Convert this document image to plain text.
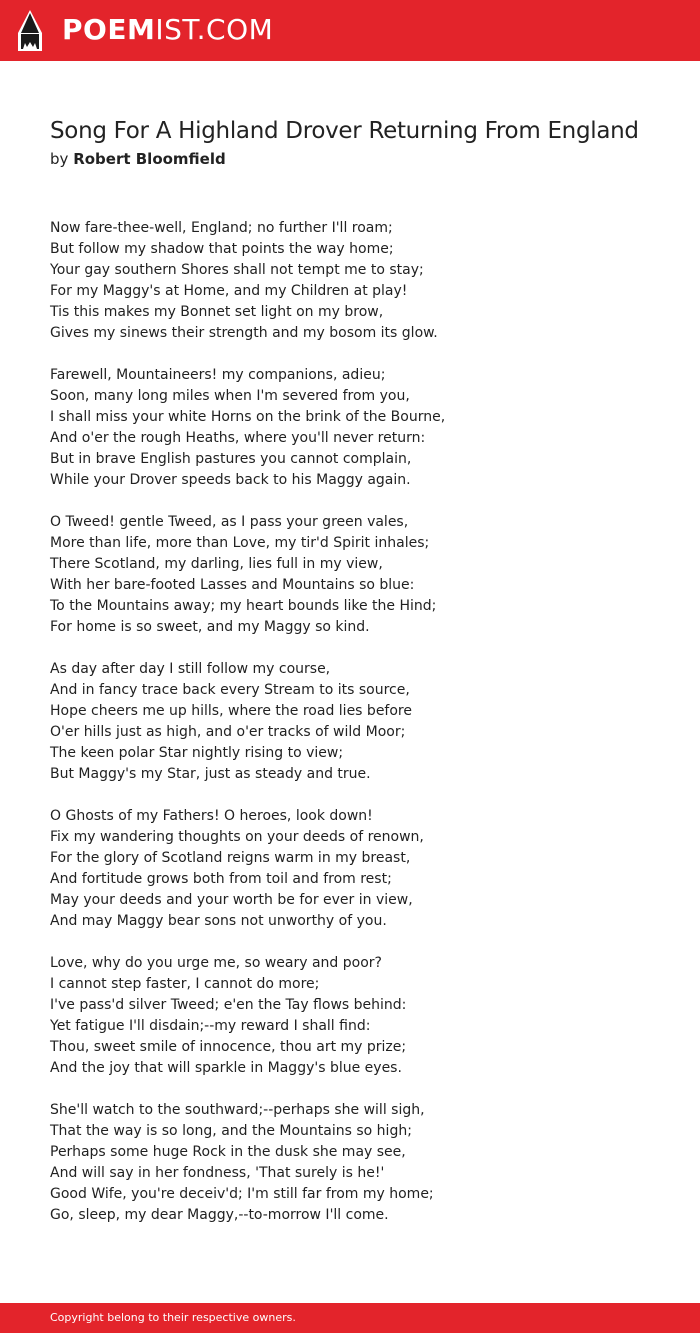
POEMIST.COM
Song For A Highland Drover Returning From England
by Robert Bloomfield
Now fare-thee-well, England; no further I'll roam;
But follow my shadow that points the way home;
Your gay southern Shores shall not tempt me to stay;
For my Maggy's at Home, and my Children at play!
Tis this makes my Bonnet set light on my brow,
Gives my sinews their strength and my bosom its glow.
Farewell, Mountaineers! my companions, adieu;
Soon, many long miles when I'm severed from you,
I shall miss your white Horns on the brink of the Bourne,
And o'er the rough Heaths, where you'll never return:
But in brave English pastures you cannot complain,
While your Drover speeds back to his Maggy again.
O Tweed! gentle Tweed, as I pass your green vales,
More than life, more than Love, my tir'd Spirit inhales;
There Scotland, my darling, lies full in my view,
With her bare-footed Lasses and Mountains so blue:
To the Mountains away; my heart bounds like the Hind;
For home is so sweet, and my Maggy so kind.
As day after day I still follow my course,
And in fancy trace back every Stream to its source,
Hope cheers me up hills, where the road lies before
O'er hills just as high, and o'er tracks of wild Moor;
The keen polar Star nightly rising to view;
But Maggy's my Star, just as steady and true.
O Ghosts of my Fathers! O heroes, look down!
Fix my wandering thoughts on your deeds of renown,
For the glory of Scotland reigns warm in my breast,
And fortitude grows both from toil and from rest;
May your deeds and your worth be for ever in view,
And may Maggy bear sons not unworthy of you.
Love, why do you urge me, so weary and poor?
I cannot step faster, I cannot do more;
I've pass'd silver Tweed; e'en the Tay flows behind:
Yet fatigue I'll disdain;--my reward I shall find:
Thou, sweet smile of innocence, thou art my prize;
And the joy that will sparkle in Maggy's blue eyes.
She'll watch to the southward;--perhaps she will sigh,
That the way is so long, and the Mountains so high;
Perhaps some huge Rock in the dusk she may see,
And will say in her fondness, 'That surely is he!'
Good Wife, you're deceiv'd; I'm still far from my home;
Go, sleep, my dear Maggy,--to-morrow I'll come.
Copyright belong to their respective owners.
